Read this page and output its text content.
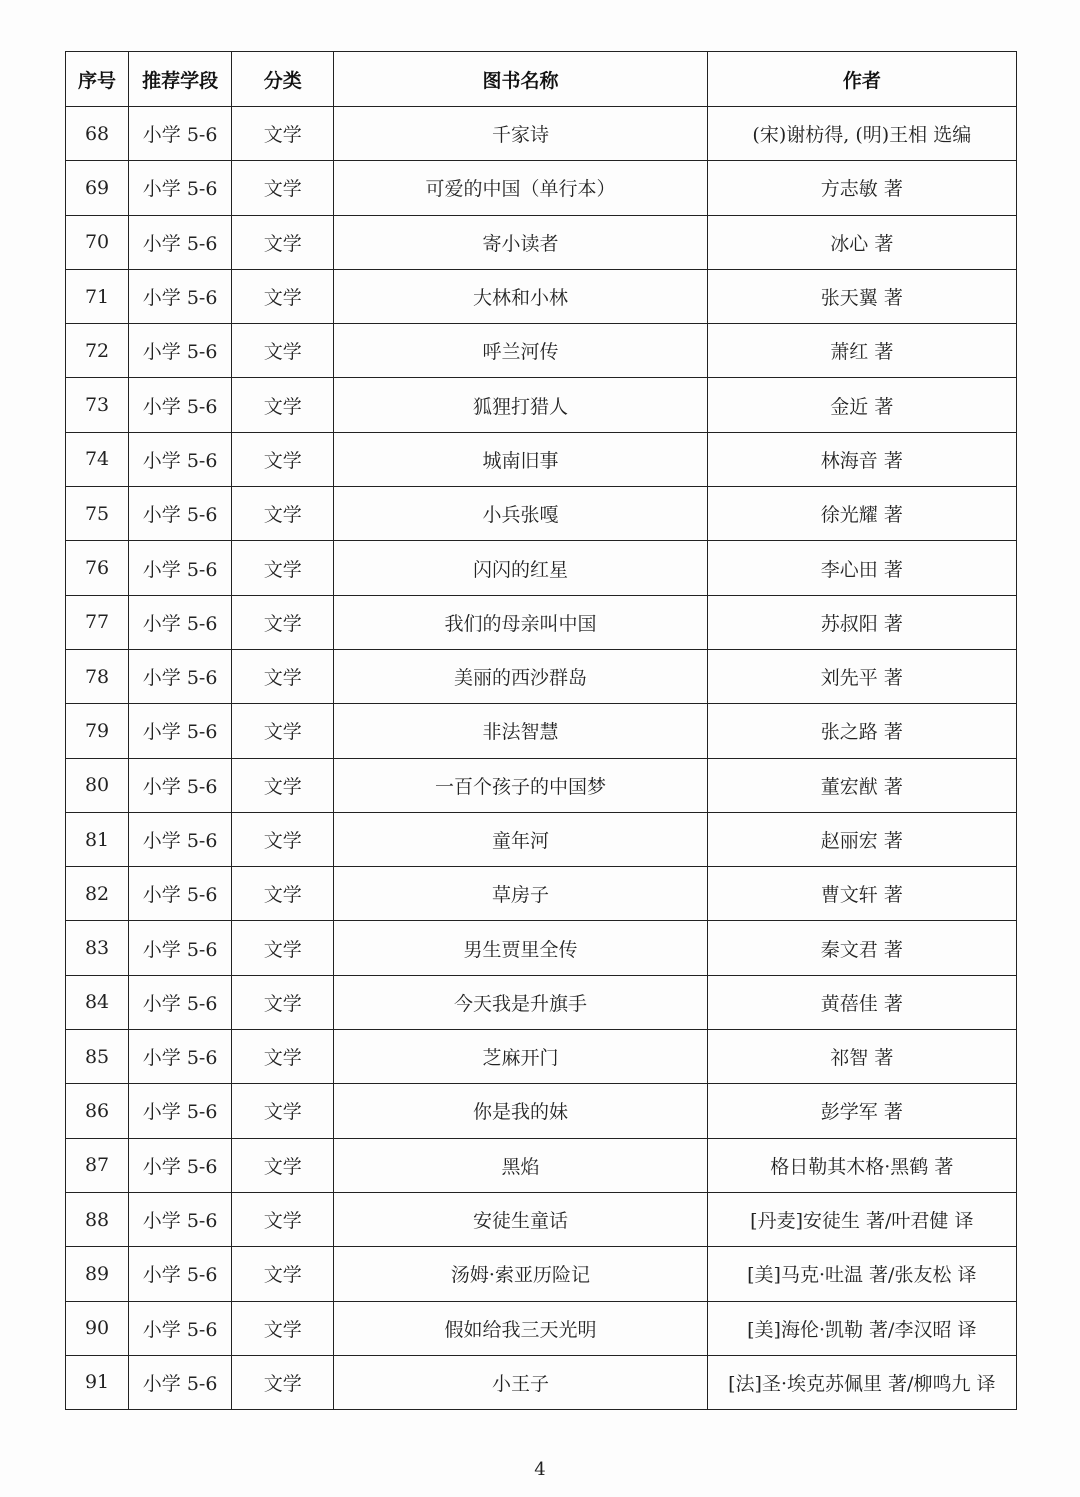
序号	推荐学段	分类	图书名称	作者
68	小学 5-6	文学	千家诗	(宋)谢枋得, (明)王相 选编
69	小学 5-6	文学	可爱的中国（单行本）	方志敏 著
70	小学 5-6	文学	寄小读者	冰心 著
71	小学 5-6	文学	大林和小林	张天翼 著
72	小学 5-6	文学	呼兰河传	萧红 著
73	小学 5-6	文学	狐狸打猎人	金近 著
74	小学 5-6	文学	城南旧事	林海音 著
75	小学 5-6	文学	小兵张嘎	徐光耀 著
76	小学 5-6	文学	闪闪的红星	李心田 著
77	小学 5-6	文学	我们的母亲叫中国	苏叔阳 著
78	小学 5-6	文学	美丽的西沙群岛	刘先平 著
79	小学 5-6	文学	非法智慧	张之路 著
80	小学 5-6	文学	一百个孩子的中国梦	董宏猷 著
81	小学 5-6	文学	童年河	赵丽宏 著
82	小学 5-6	文学	草房子	曹文轩 著
83	小学 5-6	文学	男生贾里全传	秦文君 著
84	小学 5-6	文学	今天我是升旗手	黄蓓佳 著
85	小学 5-6	文学	芝麻开门	祁智 著
86	小学 5-6	文学	你是我的妹	彭学军 著
87	小学 5-6	文学	黑焰	格日勒其木格·黑鹤 著
88	小学 5-6	文学	安徒生童话	[丹麦]安徒生 著/叶君健 译
89	小学 5-6	文学	汤姆·索亚历险记	[美]马克·吐温 著/张友松 译
90	小学 5-6	文学	假如给我三天光明	[美]海伦·凯勒 著/李汉昭 译
91	小学 5-6	文学	小王子	[法]圣·埃克苏佩里 著/柳鸣九 译
4
